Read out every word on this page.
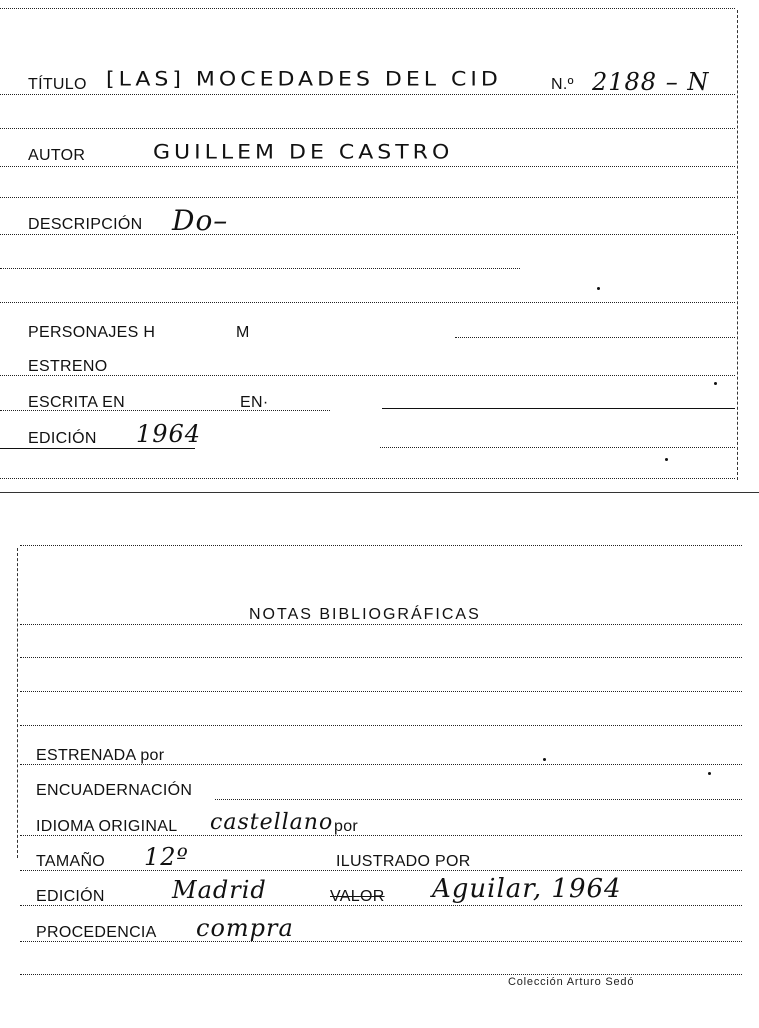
TÍTULO [LAS] MOCEDADES DEL CID	N.º 2188 – N
AUTOR	GUILLEM DE CASTRO
DESCRIPCIÓN Do–
PERSONAJES H	M
ESTRENO
ESCRITA EN	EN·
EDICIÓN 1964
NOTAS BIBLIOGRÁFICAS
ESTRENADA por
ENCUADERNACIÓN
IDIOMA ORIGINAL castellano por
TAMAÑO 12º	ILUSTRADO POR
EDICIÓN	Madrid	VALOR Aguilar, 1964
PROCEDENCIA compra
Colección Arturo Sedó
